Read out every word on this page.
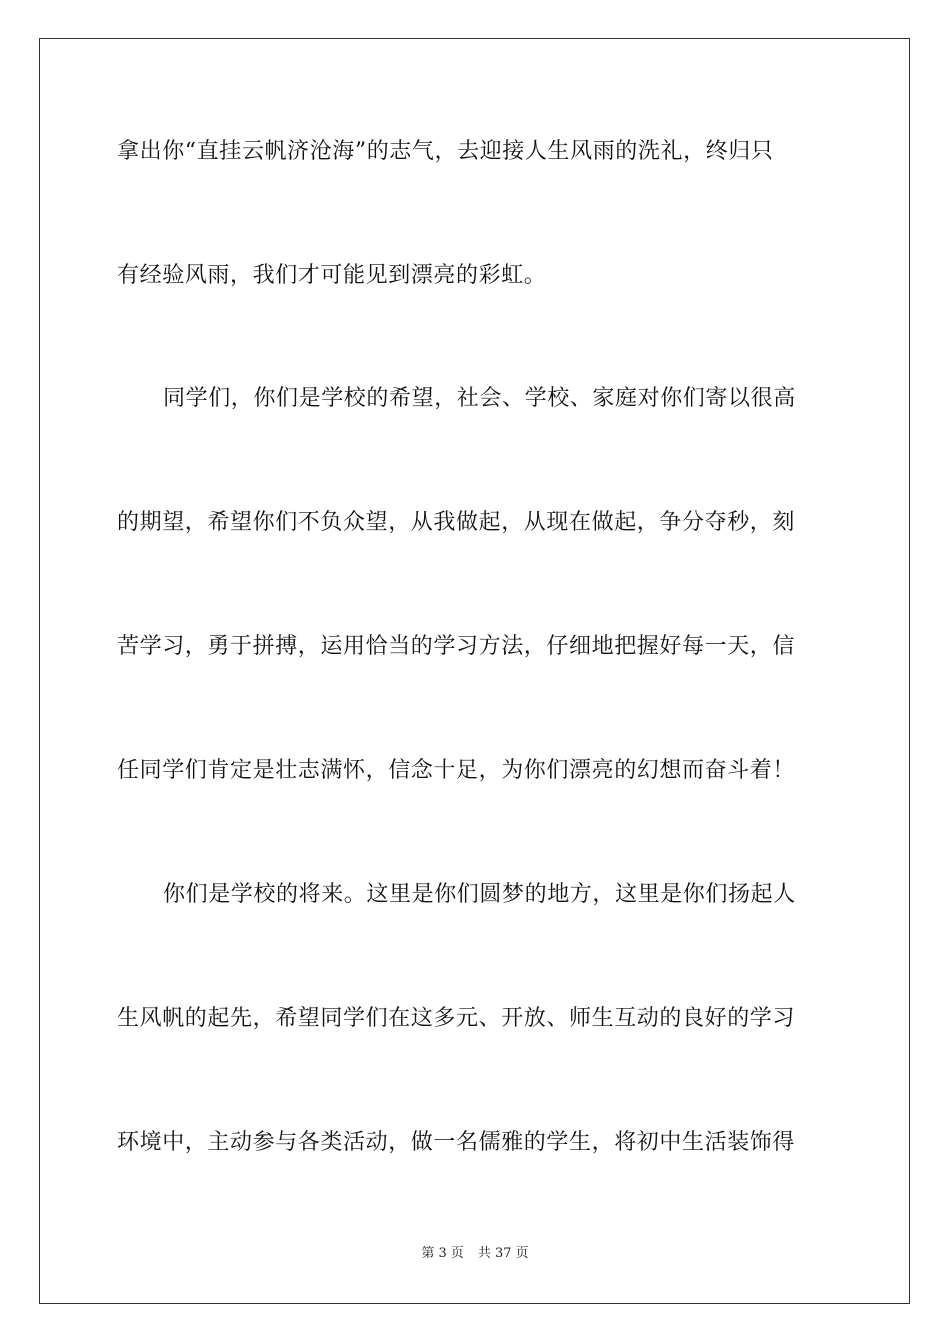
拿出你“直挂云帆济沧海”的志气，去迎接人生风雨的洗礼，终归只
有经验风雨，我们才可能见到漂亮的彩虹。
同学们，你们是学校的希望，社会、学校、家庭对你们寄以很高
的期望，希望你们不负众望，从我做起，从现在做起，争分夺秒，刻
苦学习，勇于拼搏，运用恰当的学习方法，仔细地把握好每一天，信
任同学们肯定是壮志满怀，信念十足，为你们漂亮的幻想而奋斗着！
你们是学校的将来。这里是你们圆梦的地方，这里是你们扬起人
生风帆的起先，希望同学们在这多元、开放、师生互动的良好的学习
环境中，主动参与各类活动，做一名儒雅的学生，将初中生活装饰得
第 3 页 共 37 页
